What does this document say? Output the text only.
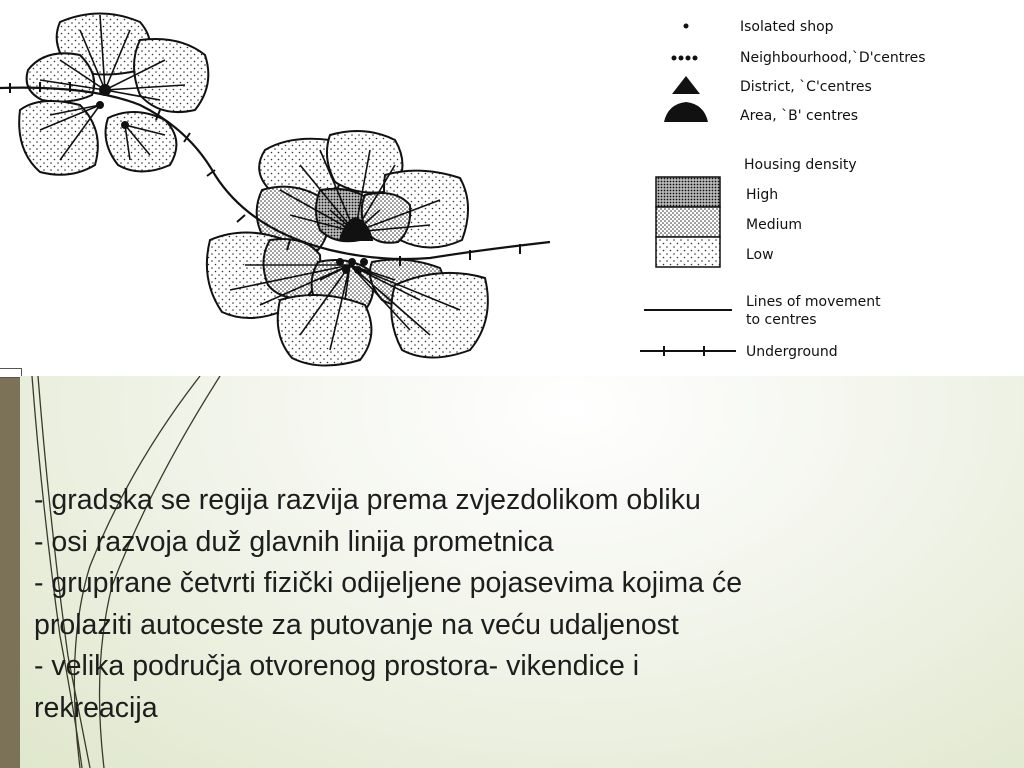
Isolated shop
Neighbourhood,`D'centres
District, `C'centres
Area, `B' centres
Housing density
High
Medium
Low
Lines of movement
to centres
Underground
- gradska se regija razvija prema zvjezdolikom obliku
- osi razvoja duž glavnih linija prometnica
- grupirane četvrti fizički odijeljene pojasevima kojima će
prolaziti autoceste za putovanje na veću udaljenost
- velika područja otvorenog prostora- vikendice i
rekreacija
